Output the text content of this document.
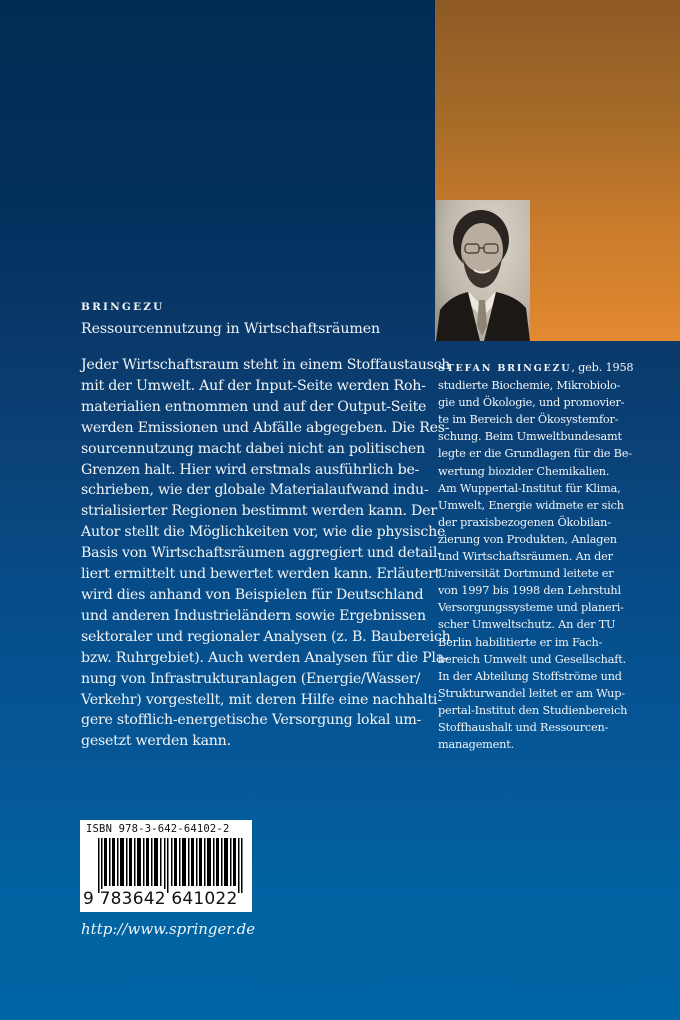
BRINGEZU
Ressourcennutzung in Wirtschaftsräumen
Jeder Wirtschaftsraum steht in einem Stoffaustausch
mit der Umwelt. Auf der Input-Seite werden Roh-
materialien entnommen und auf der Output-Seite
werden Emissionen und Abfälle abgegeben. Die Res-
sourcennutzung macht dabei nicht an politischen
Grenzen halt. Hier wird erstmals ausführlich be-
schrieben, wie der globale Materialaufwand indu-
strialisierter Regionen bestimmt werden kann. Der
Autor stellt die Möglichkeiten vor, wie die physische
Basis von Wirtschaftsräumen aggregiert und detail-
liert ermittelt und bewertet werden kann. Erläutert
wird dies anhand von Beispielen für Deutschland
und anderen Industrieländern sowie Ergebnissen
sektoraler und regionaler Analysen (z. B. Baubereich
bzw. Ruhrgebiet). Auch werden Analysen für die Pla-
nung von Infrastrukturanlagen (Energie/Wasser/
Verkehr) vorgestellt, mit deren Hilfe eine nachhalti-
gere stofflich-energetische Versorgung lokal um-
gesetzt werden kann.
STEFAN BRINGEZU, geb. 1958
studierte Biochemie, Mikrobiolo-
gie und Ökologie, und promovier-
te im Bereich der Ökosystemfor-
schung. Beim Umweltbundesamt
legte er die Grundlagen für die Be-
wertung biozider Chemikalien.
Am Wuppertal-Institut für Klima,
Umwelt, Energie widmete er sich
der praxisbezogenen Ökobilan-
zierung von Produkten, Anlagen
und Wirtschaftsräumen. An der
Universität Dortmund leitete er
von 1997 bis 1998 den Lehrstuhl
Versorgungssysteme und planeri-
scher Umweltschutz. An der TU
Berlin habilitierte er im Fach-
bereich Umwelt und Gesellschaft.
In der Abteilung Stoffströme und
Strukturwandel leitet er am Wup-
pertal-Institut den Studienbereich
Stoffhaushalt und Ressourcen-
management.
ISBN 978-3-642-64102-2
9 783642 641022
http://www.springer.de
